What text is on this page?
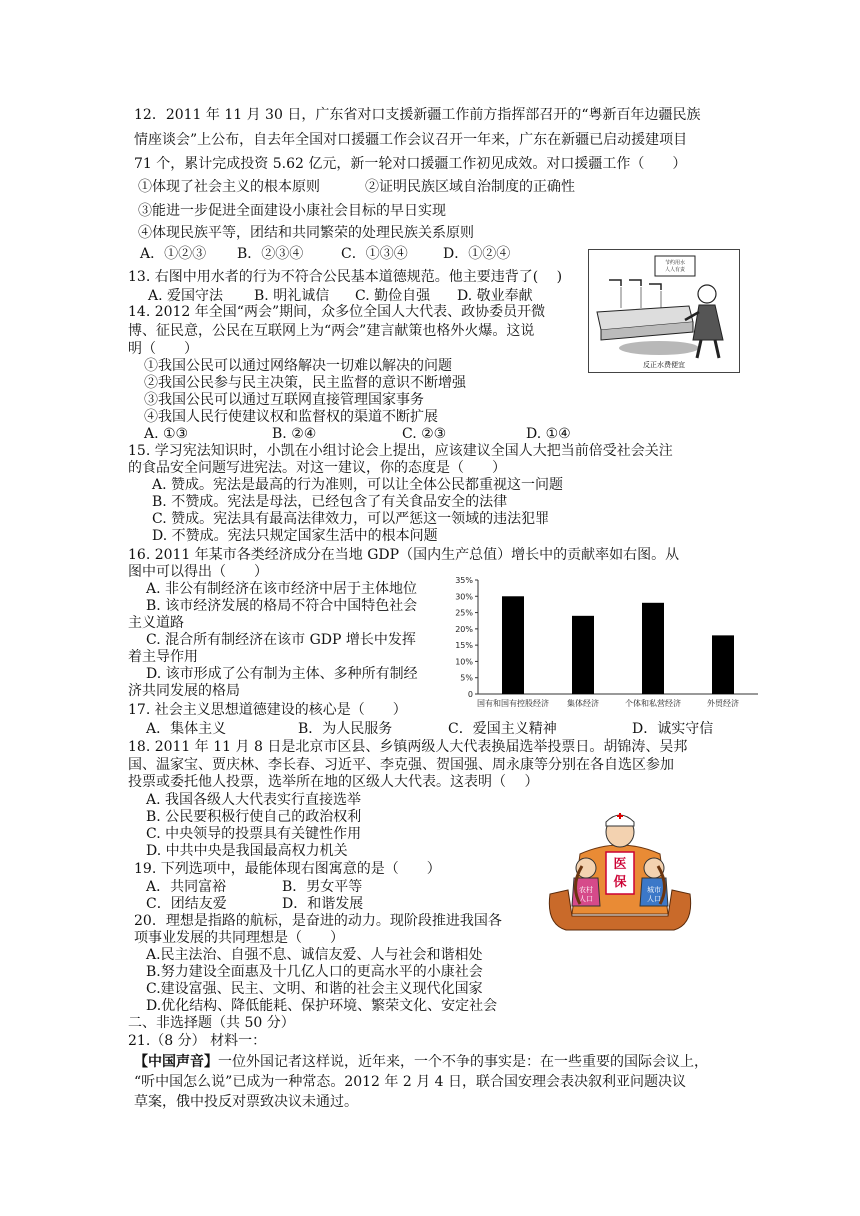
12．2011 年 11 月 30 日，广东省对口支援新疆工作前方指挥部召开的“粤新百年边疆民族
情座谈会”上公布，自去年全国对口援疆工作会议召开一年来，广东在新疆已启动援建项目
71 个，累计完成投资 5.62 亿元，新一轮对口援疆工作初见成效。对口援疆工作（　　）
①体现了社会主义的根本原则	②证明民族区域自治制度的正确性
③能进一步促进全面建设小康社会目标的早日实现
④体现民族平等，团结和共同繁荣的处理民族关系原则
A．①②③ B．②③④	C．①③④	D．①②④
13. 右图中用水者的行为不符合公民基本道德规范。他主要违背了(　 )
A. 爱国守法 B. 明礼诚信 C. 勤俭自强 D. 敬业奉献
节约用水
人人有责
反正水费便宜
14. 2012 年全国“两会”期间，众多位全国人大代表、政协委员开微
博、征民意，公民在互联网上为“两会”建言献策也格外火爆。这说
明（　　）
①我国公民可以通过网络解决一切难以解决的问题
②我国公民参与民主决策，民主监督的意识不断增强
③我国公民可以通过互联网直接管理国家事务
④我国人民行使建议权和监督权的渠道不断扩展
A. ①③	B. ②④	C. ②③	D. ①④
15. 学习宪法知识时，小凯在小组讨论会上提出，应该建议全国人大把当前倍受社会关注
的食品安全问题写进宪法。对这一建议，你的态度是（　　）
A. 赞成。宪法是最高的行为准则，可以让全体公民都重视这一问题
B. 不赞成。宪法是母法，已经包含了有关食品安全的法律
C. 赞成。宪法具有最高法律效力，可以严惩这一领域的违法犯罪
D. 不赞成。宪法只规定国家生活中的根本问题
16. 2011 年某市各类经济成分在当地 GDP（国内生产总值）增长中的贡献率如右图。从
图中可以得出（　　）
A. 非公有制经济在该市经济中居于主体地位
B. 该市经济发展的格局不符合中国特色社会
主义道路
C. 混合所有制经济在该市 GDP 增长中发挥
着主导作用
D. 该市形成了公有制为主体、多种所有制经
济共同发展的格局	0
5%
10%
15%
20%
25%
30%
35%
国有和国有控股经济 集体经济	个体和私营经济	外贸经济
17. 社会主义思想道德建设的核心是（　　）
A．集体主义	B．为人民服务	C．爱国主义精神	D．诚实守信
18. 2011 年 11 月 8 日是北京市区县、乡镇两级人大代表换届选举投票日。胡锦涛、吴邦
国、温家宝、贾庆林、李长春、习近平、李克强、贺国强、周永康等分别在各自选区参加
投票或委托他人投票，选举所在地的区级人大代表。这表明（　 ）
A. 我国各级人大代表实行直接选举
B. 公民要积极行使自己的政治权利
C. 中央领导的投票具有关键性作用
D. 中共中央是我国最高权力机关
19. 下列选项中，最能体现右图寓意的是（　　）
A．共同富裕	B．男女平等
C．团结友爱	D．和谐发展
医
保
农村
人口
城市
人口
20．理想是指路的航标，是奋进的动力。现阶段推进我国各
项事业发展的共同理想是（　　）
A.民主法治、自强不息、诚信友爱、人与社会和谐相处
B.努力建设全面惠及十几亿人口的更高水平的小康社会
C.建设富强、民主、文明、和谐的社会主义现代化国家
D.优化结构、降低能耗、保护环境、繁荣文化、安定社会
二、非选择题（共 50 分）
21.（8 分） 材料一：
【中国声音】一位外国记者这样说，近年来，一个不争的事实是：在一些重要的国际会议上，
“听中国怎么说”已成为一种常态。2012 年 2 月 4 日，联合国安理会表决叙利亚问题决议
草案，俄中投反对票致决议未通过。
